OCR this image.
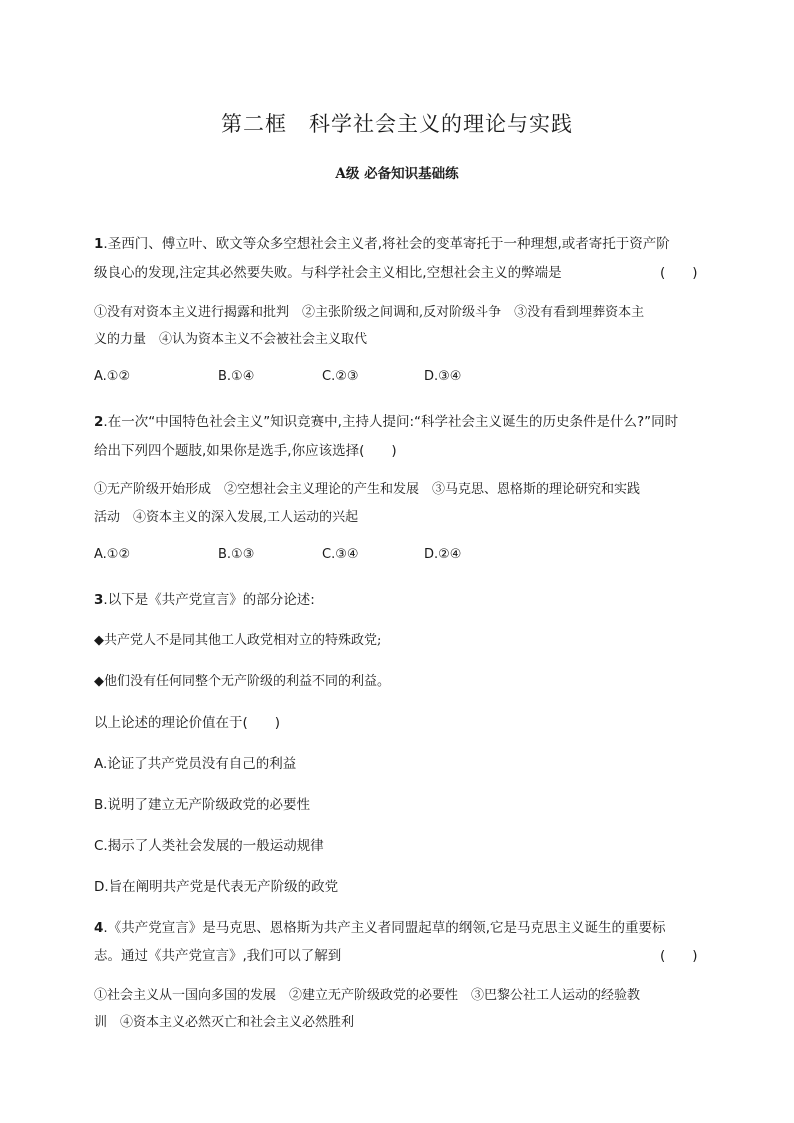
第二框　科学社会主义的理论与实践
A级 必备知识基础练
1.圣西门、傅立叶、欧文等众多空想社会主义者,将社会的变革寄托于一种理想,或者寄托于资产阶
级良心的发现,注定其必然要失败。与科学社会主义相比,空想社会主义的弊端是	(　　)
①没有对资本主义进行揭露和批判　②主张阶级之间调和,反对阶级斗争　③没有看到埋葬资本主
义的力量　④认为资本主义不会被社会主义取代
A.①②	B.①④	C.②③	D.③④
2.在一次“中国特色社会主义”知识竞赛中,主持人提问:“科学社会主义诞生的历史条件是什么?”同时
给出下列四个题肢,如果你是选手,你应该选择(　　)
①无产阶级开始形成　②空想社会主义理论的产生和发展　③马克思、恩格斯的理论研究和实践
活动　④资本主义的深入发展,工人运动的兴起
A.①②	B.①③	C.③④	D.②④
3.以下是《共产党宣言》的部分论述:
◆共产党人不是同其他工人政党相对立的特殊政党;
◆他们没有任何同整个无产阶级的利益不同的利益。
以上论述的理论价值在于(　　)
A.论证了共产党员没有自己的利益
B.说明了建立无产阶级政党的必要性
C.揭示了人类社会发展的一般运动规律
D.旨在阐明共产党是代表无产阶级的政党
4.《共产党宣言》是马克思、恩格斯为共产主义者同盟起草的纲领,它是马克思主义诞生的重要标
志。通过《共产党宣言》,我们可以了解到	(　　)
①社会主义从一国向多国的发展　②建立无产阶级政党的必要性　③巴黎公社工人运动的经验教
训　④资本主义必然灭亡和社会主义必然胜利
